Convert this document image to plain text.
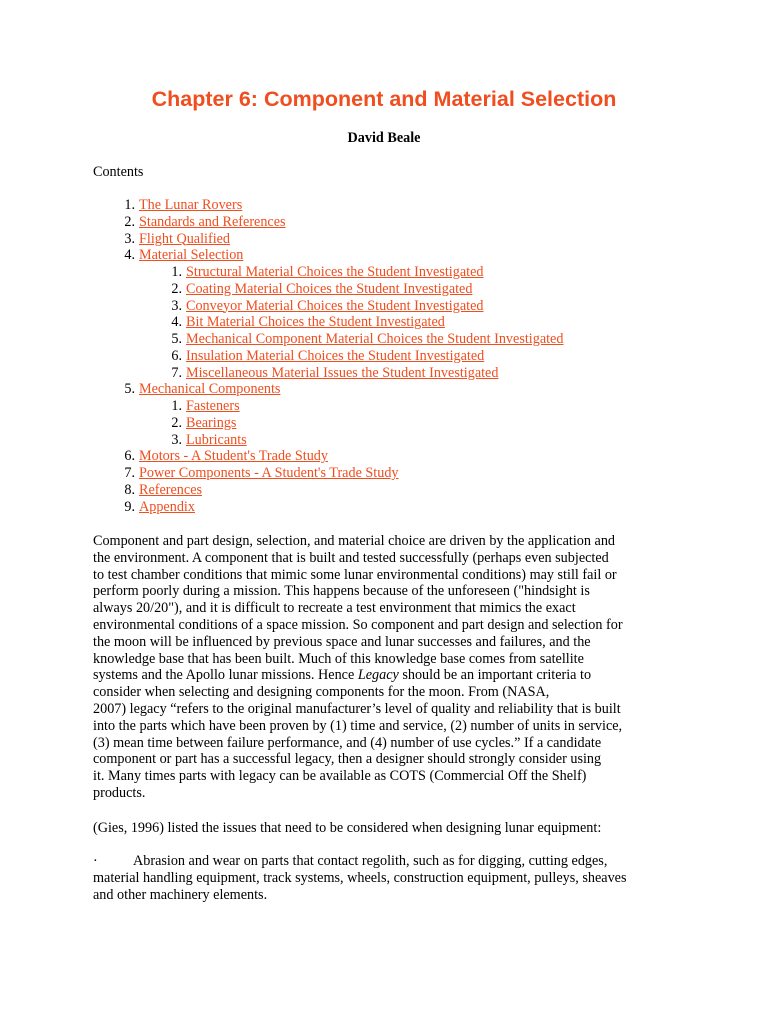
Chapter 6: Component and Material Selection
David Beale
Contents
1. The Lunar Rovers
2. Standards and References
3. Flight Qualified
4. Material Selection
1. Structural Material Choices the Student Investigated
2. Coating Material Choices the Student Investigated
3. Conveyor Material Choices the Student Investigated
4. Bit Material Choices the Student Investigated
5. Mechanical Component Material Choices the Student Investigated
6. Insulation Material Choices the Student Investigated
7. Miscellaneous Material Issues the Student Investigated
5. Mechanical Components
1. Fasteners
2. Bearings
3. Lubricants
6. Motors - A Student's Trade Study
7. Power Components - A Student's Trade Study
8. References
9. Appendix
Component and part design, selection, and material choice are driven by the application and
the environment. A component that is built and tested successfully (perhaps even subjected
to test chamber conditions that mimic some lunar environmental conditions) may still fail or
perform poorly during a mission. This happens because of the unforeseen ("hindsight is
always 20/20"), and it is difficult to recreate a test environment that mimics the exact
environmental conditions of a space mission. So component and part design and selection for
the moon will be influenced by previous space and lunar successes and failures, and the
knowledge base that has been built. Much of this knowledge base comes from satellite
systems and the Apollo lunar missions. Hence Legacy should be an important criteria to
consider when selecting and designing components for the moon. From (NASA,
2007) legacy “refers to the original manufacturer’s level of quality and reliability that is built
into the parts which have been proven by (1) time and service, (2) number of units in service,
(3) mean time between failure performance, and (4) number of use cycles.” If a candidate
component or part has a successful legacy, then a designer should strongly consider using
it. Many times parts with legacy can be available as COTS (Commercial Off the Shelf)
products.
(Gies, 1996) listed the issues that need to be considered when designing lunar equipment:
· Abrasion and wear on parts that contact regolith, such as for digging, cutting edges,
material handling equipment, track systems, wheels, construction equipment, pulleys, sheaves
and other machinery elements.
